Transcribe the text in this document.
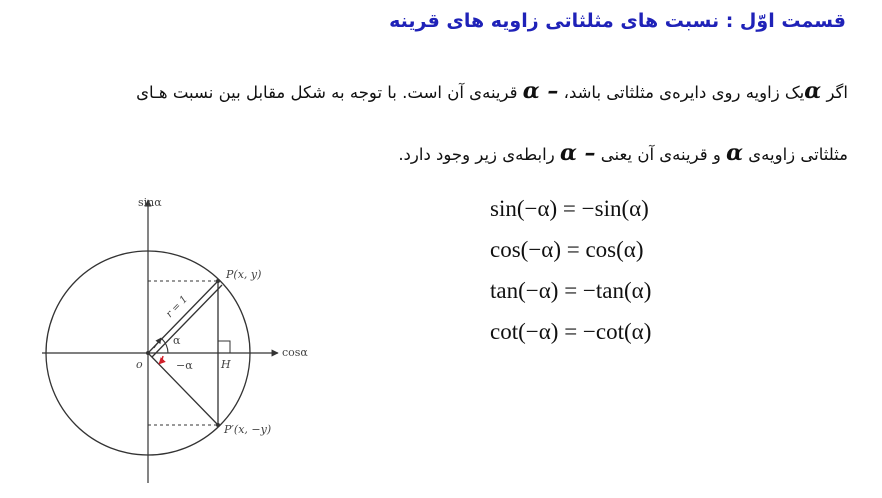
قسمت اوّل : نسبت های مثلثاتی زاویه های قرینه
اگر αیک زاویه روی دایره‌ی مثلثاتی باشد، – α قرینه‌ی آن است. با توجه به شکل مقابل بین نسبت هـای
مثلثاتی زاویه‌ی α و قرینه‌ی آن یعنی – α رابطه‌ی زیر وجود دارد.
sin(−α) = −sin(α)
cos(−α) = cos(α)
tan(−α) = −tan(α)
cot(−α) = −cot(α)
sinα
cosα
o
P(x, y)
P′(x, −y)
r = 1
α
−α	H
